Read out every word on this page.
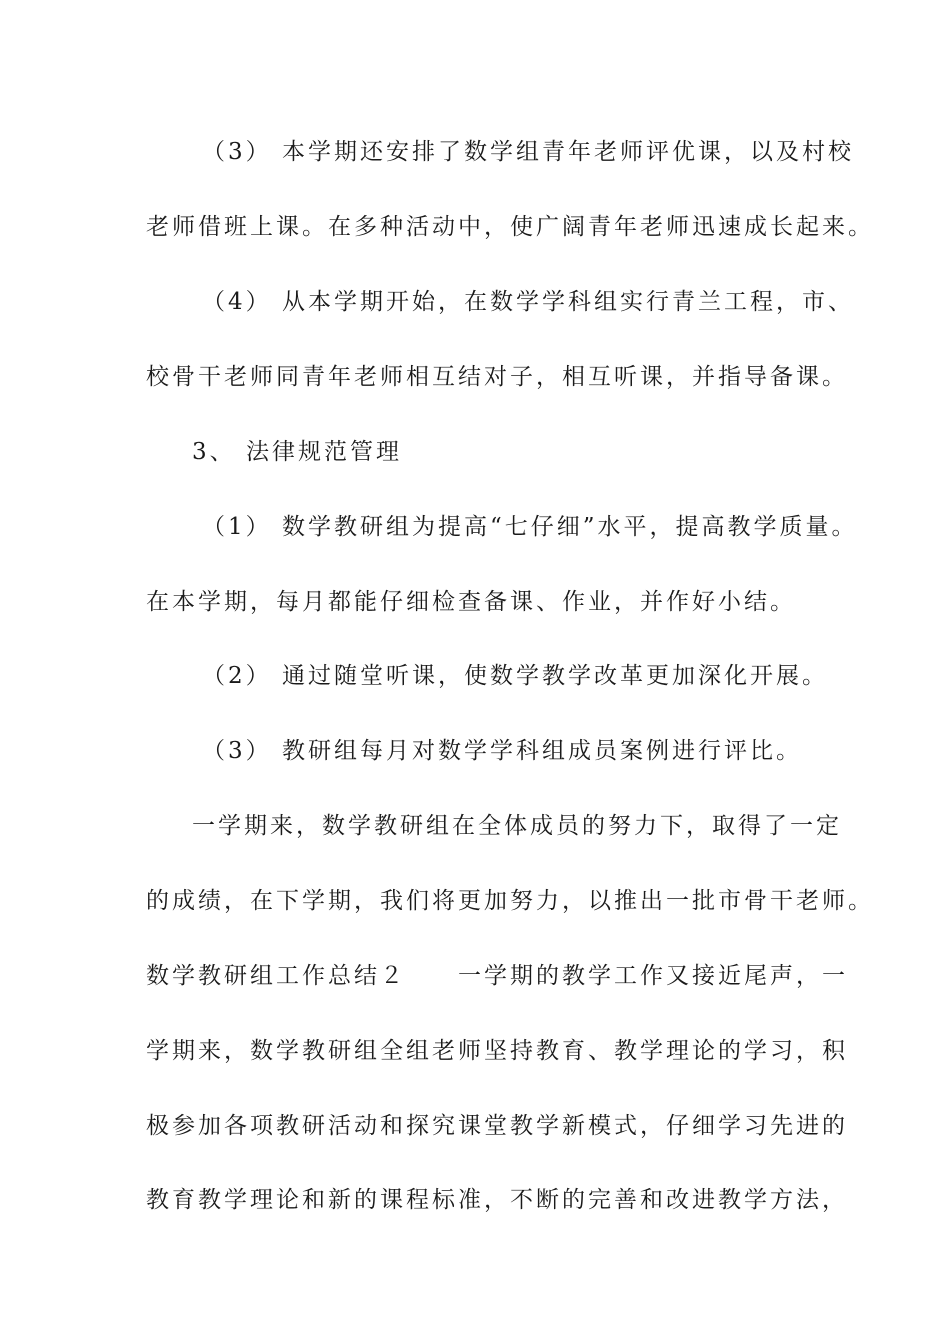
（3） 本学期还安排了数学组青年老师评优课，以及村校
老师借班上课。在多种活动中，使广阔青年老师迅速成长起来。
（4） 从本学期开始，在数学学科组实行青兰工程，市、
校骨干老师同青年老师相互结对子，相互听课，并指导备课。
3、 法律规范管理
（1） 数学教研组为提高“七仔细”水平，提高教学质量。
在本学期，每月都能仔细检查备课、作业，并作好小结。
（2） 通过随堂听课，使数学教学改革更加深化开展。
（3） 教研组每月对数学学科组成员案例进行评比。
一学期来，数学教研组在全体成员的努力下，取得了一定
的成绩，在下学期，我们将更加努力，以推出一批市骨干老师。
数学教研组工作总结２　　一学期的教学工作又接近尾声，一
学期来，数学教研组全组老师坚持教育、教学理论的学习，积
极参加各项教研活动和探究课堂教学新模式，仔细学习先进的
教育教学理论和新的课程标准，不断的完善和改进教学方法，
